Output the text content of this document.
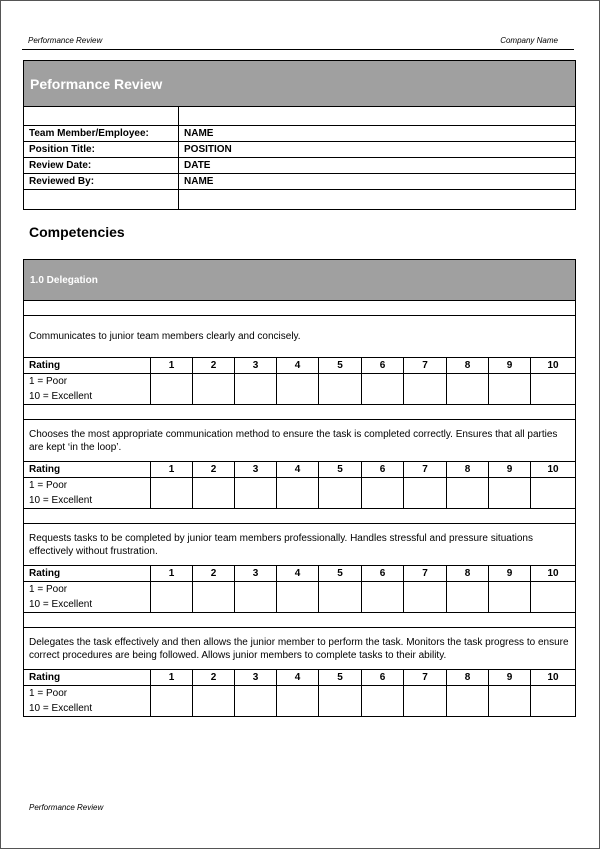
Performance Review	Company Name
Peformance Review	

Team Member/Employee:	NAME
Position Title:	POSITION
Review Date:	DATE
Reviewed By:	NAME

Competencies
1.0 Delegation										

Communicates to junior team members clearly and concisely.										
Rating	1	2	3	4	5	6	7	8	9	10

1 = Poor
10 = Excellent										

Chooses the most appropriate communication method to ensure the task is completed correctly. Ensures that all parties are kept ‘in the loop’.										
Rating	1	2	3	4	5	6	7	8	9	10

1 = Poor
10 = Excellent										

Requests tasks to be completed by junior team members professionally. Handles stressful and pressure situations effectively without frustration.										
Rating	1	2	3	4	5	6	7	8	9	10

1 = Poor
10 = Excellent										

Delegates the task effectively and then allows the junior member to perform the task. Monitors the task progress to ensure correct procedures are being followed. Allows junior members to complete tasks to their ability.										
Rating	1	2	3	4	5	6	7	8	9	10

1 = Poor
10 = Excellent										

Performance Review
